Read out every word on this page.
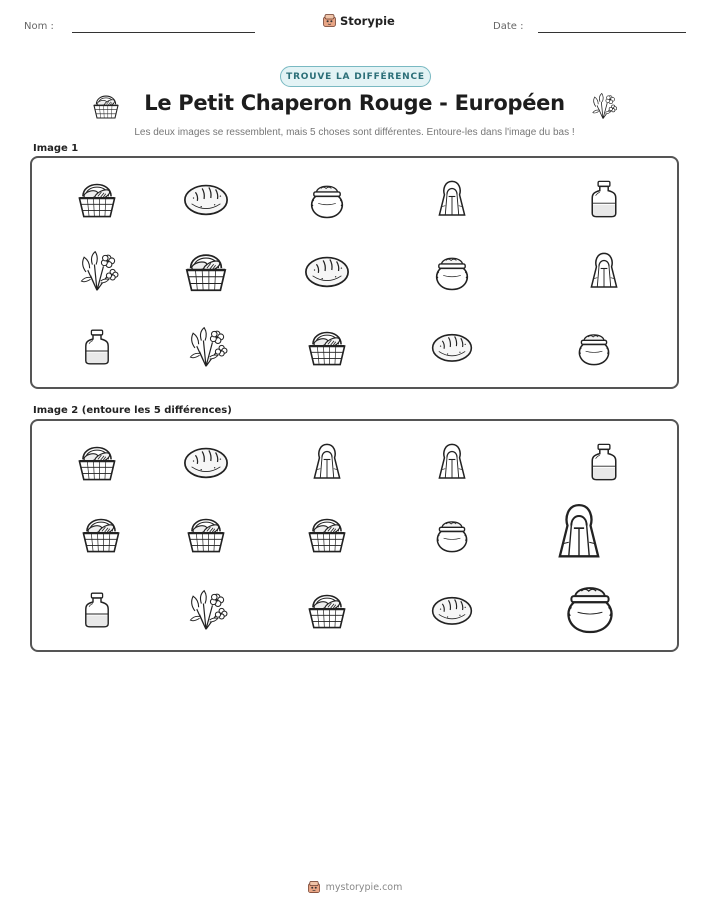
Nom :	Storypie	Date :
TROUVE LA DIFFÉRENCE
Le Petit Chaperon Rouge - Européen
Les deux images se ressemblent, mais 5 choses sont différentes. Entoure-les dans l'image du bas !
Image 1
Image 2 (entoure les 5 différences)
mystorypie.com
